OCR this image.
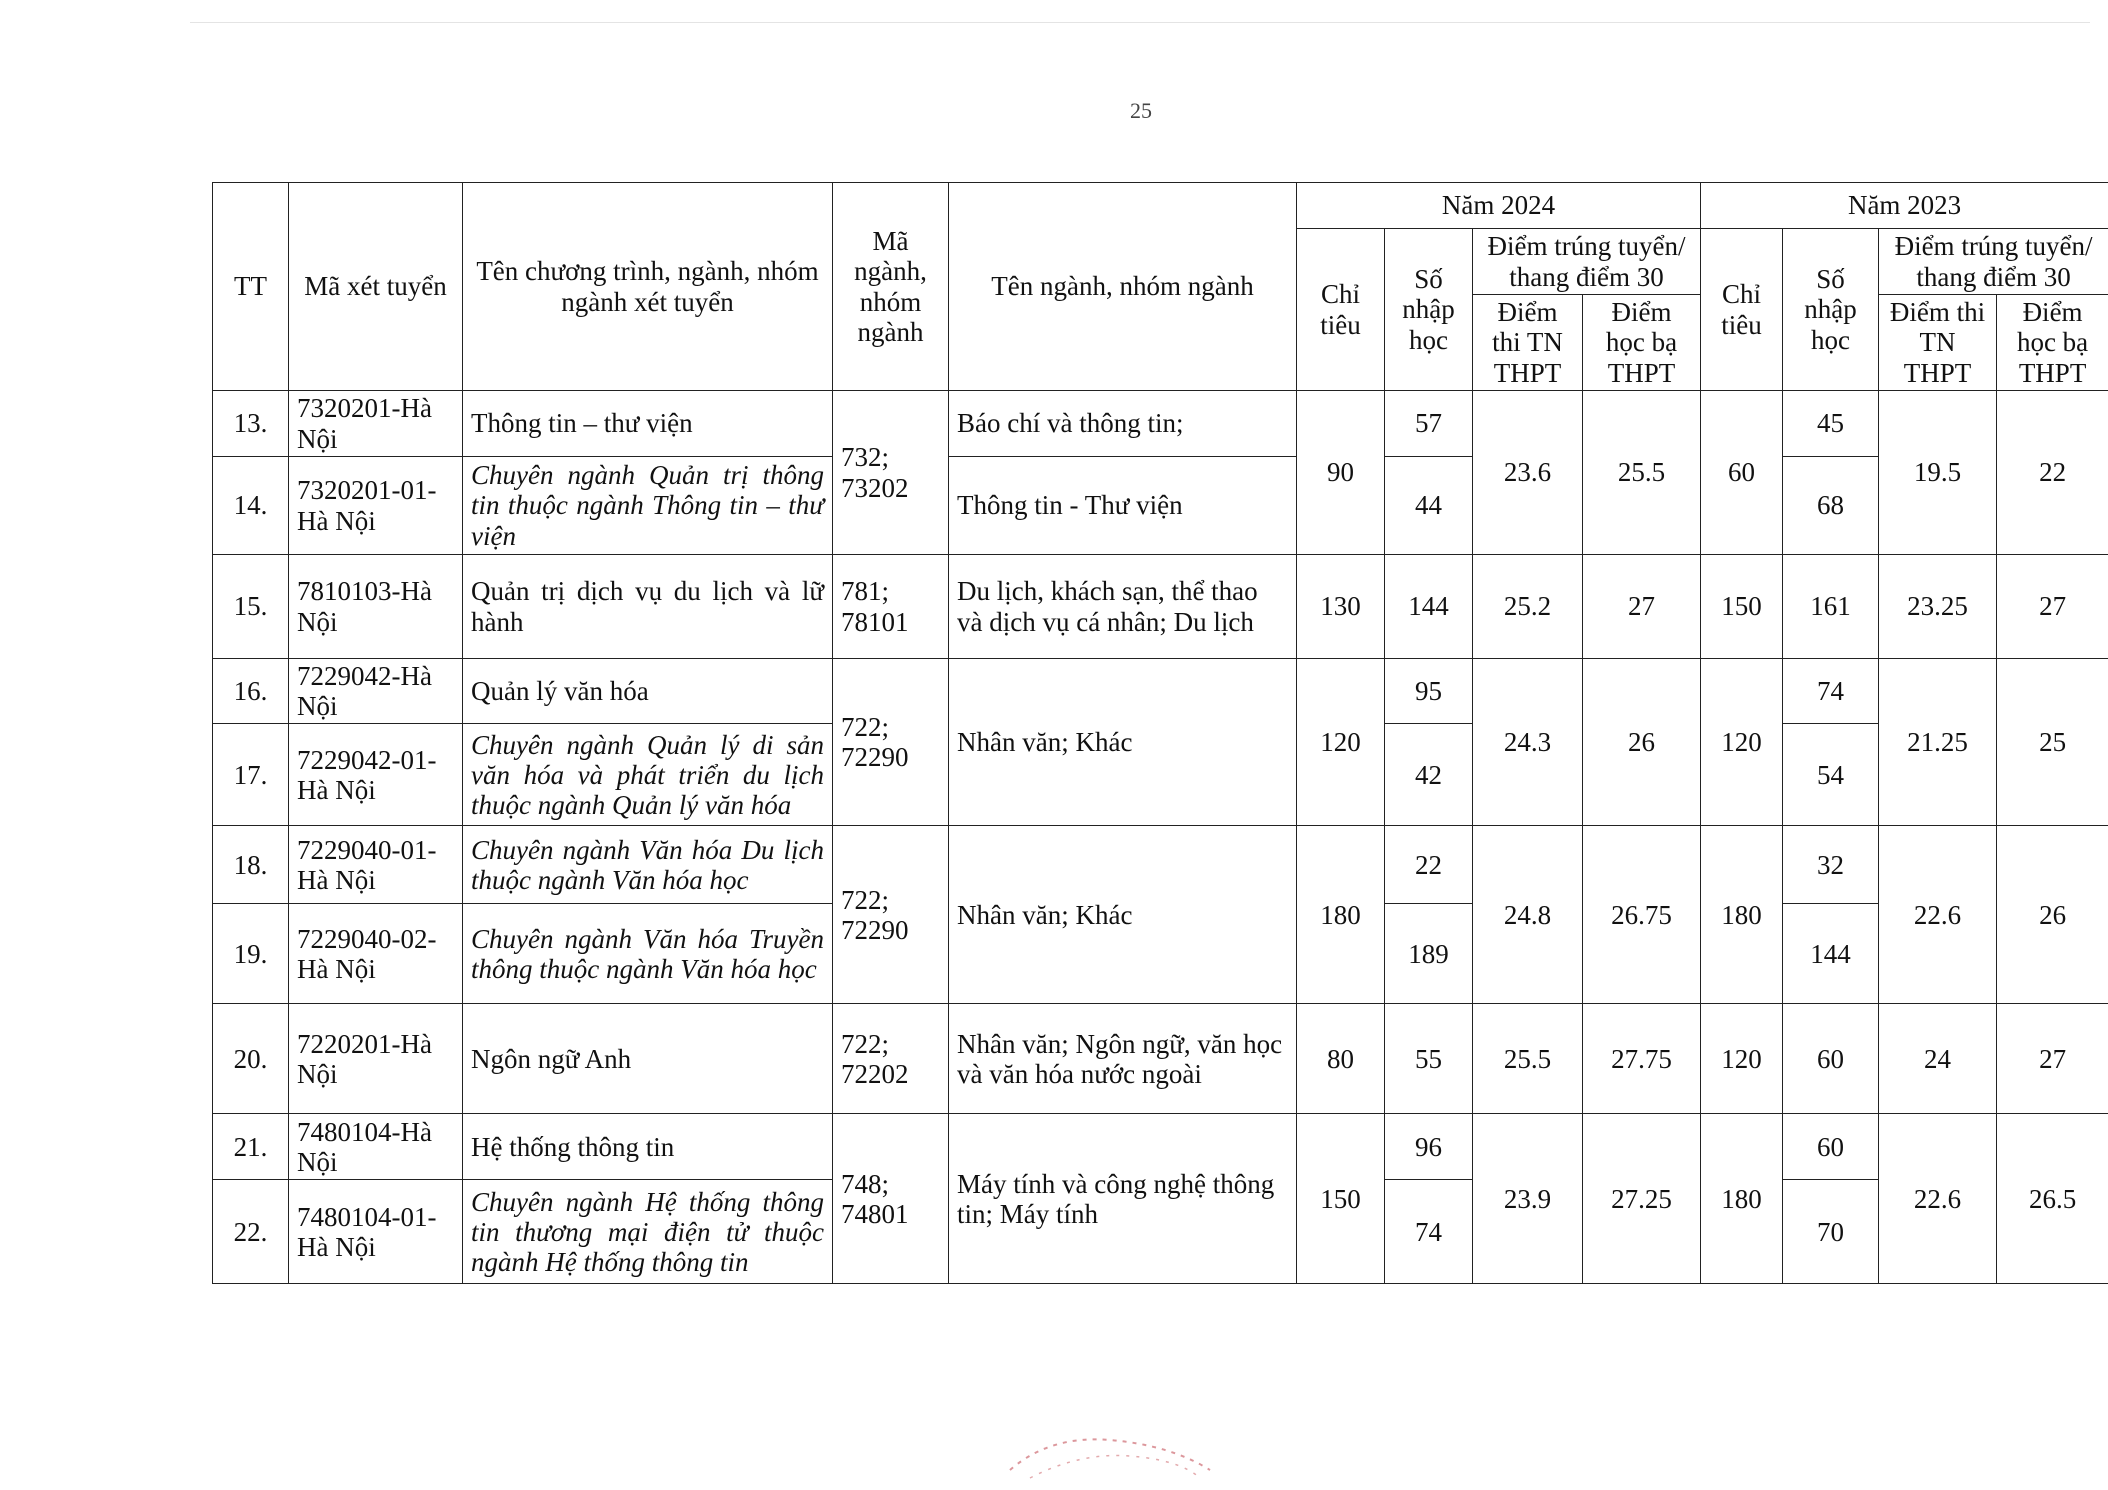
25
TT	Mã xét tuyển	Tên chương trình, ngành, nhóm ngành xét tuyển	Mã ngành, nhóm ngành	Tên ngành, nhóm ngành	Năm 2024				Năm 2023			
					Chỉ tiêu	Số nhập học	Điểm trúng tuyển/ thang điểm 30		Chỉ tiêu	Số nhập học	Điểm trúng tuyển/ thang điểm 30	
							Điểm thi TN THPT	Điểm học bạ THPT			Điểm thi TN THPT	Điểm học bạ THPT
13.	7320201-Hà Nội	Thông tin – thư viện	732; 73202	Báo chí và thông tin;	90	57	23.6	25.5	60	45	19.5	22
14.	7320201-01-Hà Nội	Chuyên ngành Quản trị thông tin thuộc ngành Thông tin – thư viện		Thông tin - Thư viện		44				68		
15.	7810103-Hà Nội	Quản trị dịch vụ du lịch và lữ hành	781; 78101	Du lịch, khách sạn, thể thao và dịch vụ cá nhân; Du lịch	130	144	25.2	27	150	161	23.25	27
16.	7229042-Hà Nội	Quản lý văn hóa	722; 72290	Nhân văn; Khác	120	95	24.3	26	120	74	21.25	25
17.	7229042-01-Hà Nội	Chuyên ngành Quản lý di sản văn hóa và phát triển du lịch thuộc ngành Quản lý văn hóa				42				54		
18.	7229040-01-Hà Nội	Chuyên ngành Văn hóa Du lịch thuộc ngành Văn hóa học	722; 72290	Nhân văn; Khác	180	22	24.8	26.75	180	32	22.6	26
19.	7229040-02-Hà Nội	Chuyên ngành Văn hóa Truyền thông thuộc ngành Văn hóa học				189				144		
20.	7220201-Hà Nội	Ngôn ngữ Anh	722; 72202	Nhân văn; Ngôn ngữ, văn học và văn hóa nước ngoài	80	55	25.5	27.75	120	60	24	27
21.	7480104-Hà Nội	Hệ thống thông tin	748; 74801	Máy tính và công nghệ thông tin; Máy tính	150	96	23.9	27.25	180	60	22.6	26.5
22.	7480104-01-Hà Nội	Chuyên ngành Hệ thống thông tin thương mại điện tử thuộc ngành Hệ thống thông tin				74				70		
